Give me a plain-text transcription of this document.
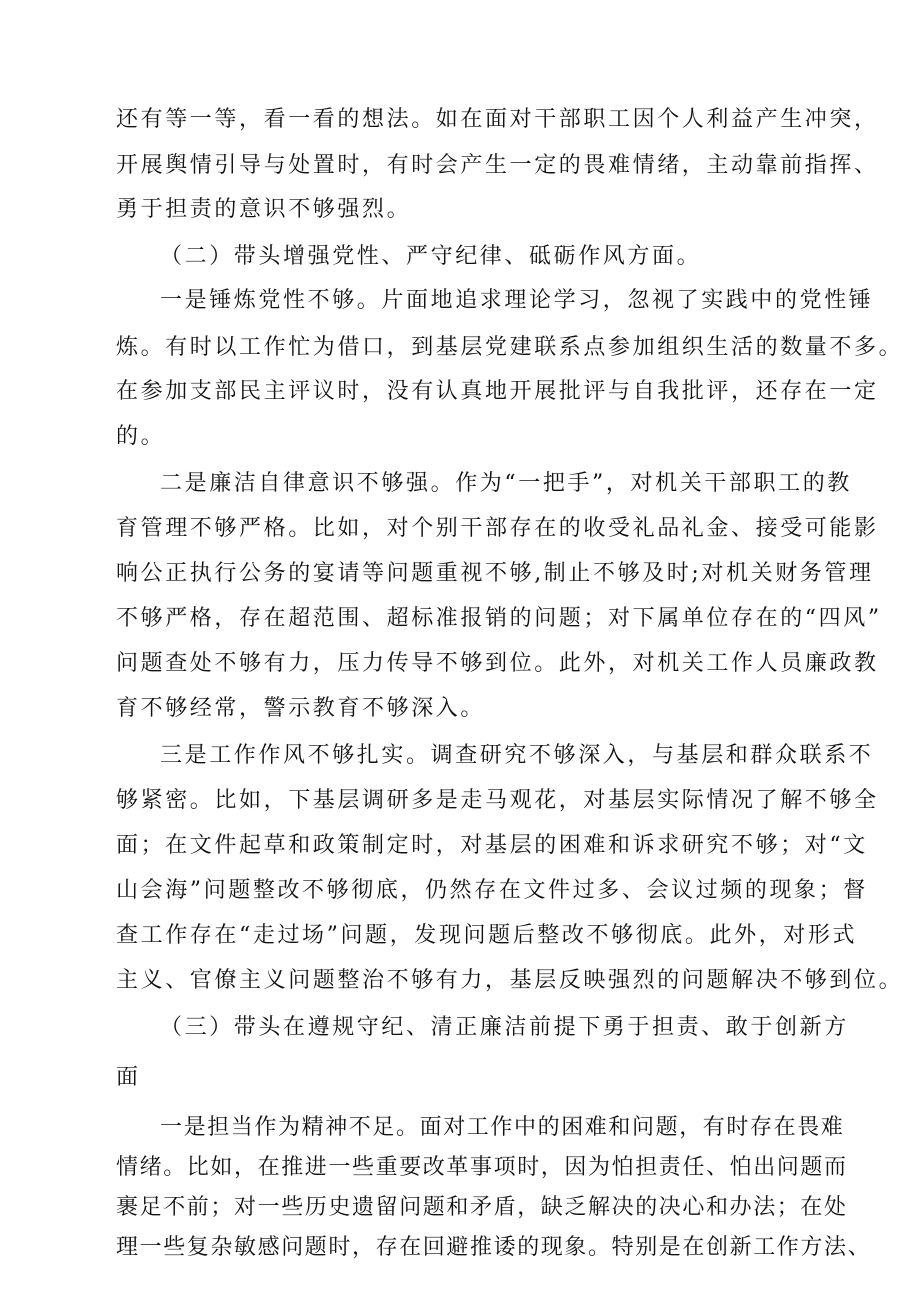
还有等一等，看一看的想法。如在面对干部职工因个人利益产生冲突，
开展舆情引导与处置时，有时会产生一定的畏难情绪，主动靠前指挥、
勇于担责的意识不够强烈。
（二）带头增强党性、严守纪律、砥砺作风方面。
一是锤炼党性不够。片面地追求理论学习，忽视了实践中的党性锤
炼。有时以工作忙为借口，到基层党建联系点参加组织生活的数量不多。
在参加支部民主评议时，没有认真地开展批评与自我批评，还存在一定
的。
二是廉洁自律意识不够强。作为“一把手”，对机关干部职工的教
育管理不够严格。比如，对个别干部存在的收受礼品礼金、接受可能影
响公正执行公务的宴请等问题重视不够,制止不够及时;对机关财务管理
不够严格，存在超范围、超标准报销的问题；对下属单位存在的“四风”
问题查处不够有力，压力传导不够到位。此外，对机关工作人员廉政教
育不够经常，警示教育不够深入。
三是工作作风不够扎实。调查研究不够深入，与基层和群众联系不
够紧密。比如，下基层调研多是走马观花，对基层实际情况了解不够全
面；在文件起草和政策制定时，对基层的困难和诉求研究不够；对“文
山会海”问题整改不够彻底，仍然存在文件过多、会议过频的现象；督
查工作存在“走过场”问题，发现问题后整改不够彻底。此外，对形式
主义、官僚主义问题整治不够有力，基层反映强烈的问题解决不够到位。
（三）带头在遵规守纪、清正廉洁前提下勇于担责、敢于创新方
面
一是担当作为精神不足。面对工作中的困难和问题，有时存在畏难
情绪。比如，在推进一些重要改革事项时，因为怕担责任、怕出问题而
裹足不前；对一些历史遗留问题和矛盾，缺乏解决的决心和办法；在处
理一些复杂敏感问题时，存在回避推诿的现象。特别是在创新工作方法、
